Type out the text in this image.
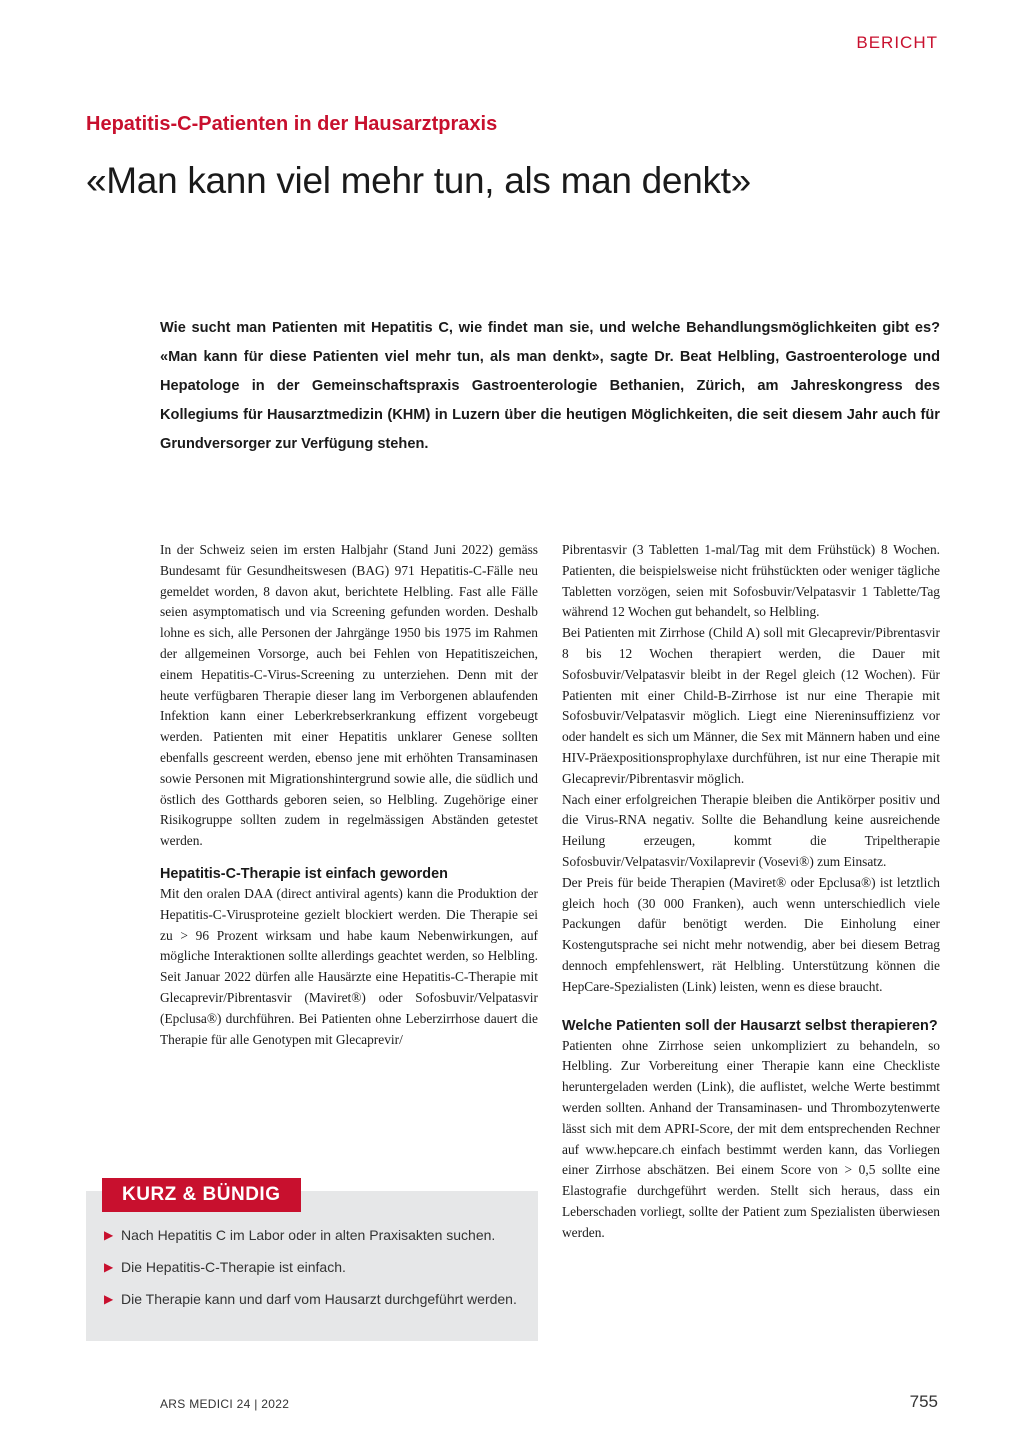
BERICHT
Hepatitis-C-Patienten in der Hausarztpraxis
«Man kann viel mehr tun, als man denkt»

Wie sucht man Patienten mit Hepatitis C, wie findet man sie, und welche Behandlungsmöglichkeiten gibt es? «Man kann für diese Patienten viel mehr tun, als man denkt», sagte Dr. Beat Helbling, Gastroenterologe und Hepatologe in der Gemeinschaftspraxis Gastroenterologie Bethanien, Zürich, am Jahreskongress des Kollegiums für Hausarztmedizin (KHM) in Luzern über die heutigen Möglichkeiten, die seit diesem Jahr auch für Grundversorger zur Verfügung stehen.

In der Schweiz seien im ersten Halbjahr (Stand Juni 2022) gemäss Bundesamt für Gesundheitswesen (BAG) 971 Hepatitis-C-Fälle neu gemeldet worden, 8 davon akut, berichtete Helbling. Fast alle Fälle seien asymptomatisch und via Screening gefunden worden. Deshalb lohne es sich, alle Personen der Jahrgänge 1950 bis 1975 im Rahmen der allgemeinen Vorsorge, auch bei Fehlen von Hepatitiszeichen, einem Hepatitis-C-Virus-Screening zu unterziehen. Denn mit der heute verfügbaren Therapie dieser lang im Verborgenen ablaufenden Infektion kann einer Leberkrebserkrankung effizent vorgebeugt werden. Patienten mit einer Hepatitis unklarer Genese sollten ebenfalls gescreent werden, ebenso jene mit erhöhten Transaminasen sowie Personen mit Migrationshintergrund sowie alle, die südlich und östlich des Gotthards geboren seien, so Helbling. Zugehörige einer Risikogruppe sollten zudem in regelmässigen Abständen getestet werden.

Hepatitis-C-Therapie ist einfach geworden

Mit den oralen DAA (direct antiviral agents) kann die Produktion der Hepatitis-C-Virusproteine gezielt blockiert werden. Die Therapie sei zu > 96 Prozent wirksam und habe kaum Nebenwirkungen, auf mögliche Interaktionen sollte allerdings geachtet werden, so Helbling. Seit Januar 2022 dürfen alle Hausärzte eine Hepatitis-C-Therapie mit Glecaprevir/Pibrentasvir (Maviret®) oder Sofosbuvir/Velpatasvir (Epclusa®) durchführen. Bei Patienten ohne Leberzirrhose dauert die Therapie für alle Genotypen mit Glecaprevir/

Pibrentasvir (3 Tabletten 1-mal/Tag mit dem Frühstück) 8 Wochen. Patienten, die beispielsweise nicht frühstückten oder weniger tägliche Tabletten vorzögen, seien mit Sofosbuvir/Velpatasvir 1 Tablette/Tag während 12 Wochen gut behandelt, so Helbling.

Bei Patienten mit Zirrhose (Child A) soll mit Glecaprevir/Pibrentasvir 8 bis 12 Wochen therapiert werden, die Dauer mit Sofosbuvir/Velpatasvir bleibt in der Regel gleich (12 Wochen). Für Patienten mit einer Child-B-Zirrhose ist nur eine Therapie mit Sofosbuvir/Velpatasvir möglich. Liegt eine Niereninsuffizienz vor oder handelt es sich um Männer, die Sex mit Männern haben und eine HIV-Präexpositionsprophylaxe durchführen, ist nur eine Therapie mit Glecaprevir/Pibrentasvir möglich.

Nach einer erfolgreichen Therapie bleiben die Antikörper positiv und die Virus-RNA negativ. Sollte die Behandlung keine ausreichende Heilung erzeugen, kommt die Tripeltherapie Sofosbuvir/Velpatasvir/Voxilaprevir (Vosevi®) zum Einsatz.

Der Preis für beide Therapien (Maviret® oder Epclusa®) ist letztlich gleich hoch (30 000 Franken), auch wenn unterschiedlich viele Packungen dafür benötigt werden. Die Einholung einer Kostengutsprache sei nicht mehr notwendig, aber bei diesem Betrag dennoch empfehlenswert, rät Helbling. Unterstützung können die HepCare-Spezialisten (Link) leisten, wenn es diese braucht.

Welche Patienten soll der Hausarzt selbst therapieren?

Patienten ohne Zirrhose seien unkompliziert zu behandeln, so Helbling. Zur Vorbereitung einer Therapie kann eine Checkliste heruntergeladen werden (Link), die auflistet, welche Werte bestimmt werden sollten. Anhand der Transaminasen- und Thrombozytenwerte lässt sich mit dem APRI-Score, der mit dem entsprechenden Rechner auf www.hepcare.ch einfach bestimmt werden kann, das Vorliegen einer Zirrhose abschätzen. Bei einem Score von > 0,5 sollte eine Elastografie durchgeführt werden. Stellt sich heraus, dass ein Leberschaden vorliegt, sollte der Patient zum Spezialisten überwiesen werden.

KURZ & BÜNDIG
▶ Nach Hepatitis C im Labor oder in alten Praxisakten suchen.
▶ Die Hepatitis-C-Therapie ist einfach.
▶ Die Therapie kann und darf vom Hausarzt durchgeführt werden.
ARS MEDICI 24 | 2022	755
